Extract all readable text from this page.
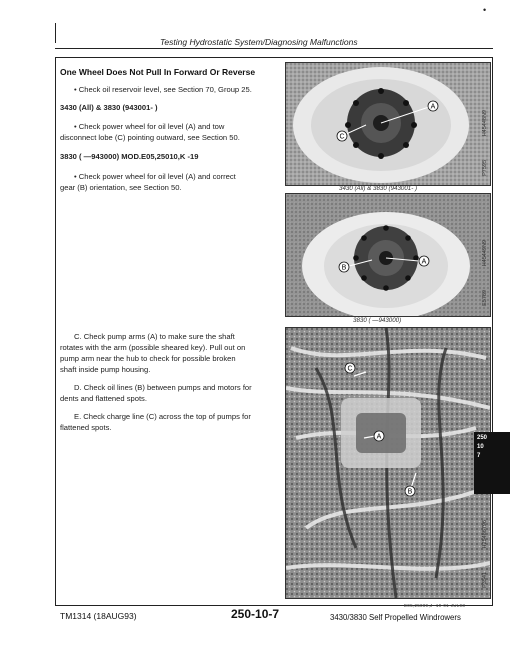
•
Testing Hydrostatic System/Diagnosing Malfunctions
One Wheel Does Not Pull In Forward Or Reverse
• Check oil reservoir level, see Section 70, Group 25.
3430 (All) & 3830 (943001- )
• Check power wheel for oil level (A) and tow
disconnect lobe (C) pointing outward, see Section 50.
3830 ( —943000) MOD.E05,25010,K -19
• Check power wheel for oil level (A) and correct
gear (B) orientation, see Section 50.
C. Check pump arms (A) to make sure the shaft
rotates with the arm (possible sheared key). Pull out on
pump arm near the hub to check for possible broken
shaft inside pump housing.
D. Check oil lines (B) between pumps and motors for
dents and flattened spots.
E. Check charge line (C) across the top of pumps for
flattened spots.
A
C
H45448N9
P7595
3430 (All) & 3830 (943001- )
A
B
H45449N9
E5789
3830 ( —943000)
C
A
B
H25486796
P3541
250
10
7
E05,25089,J -19-01-JUL93
TM1314 (18AUG93)	250-10-7	3430/3830 Self Propelled Windrowers
